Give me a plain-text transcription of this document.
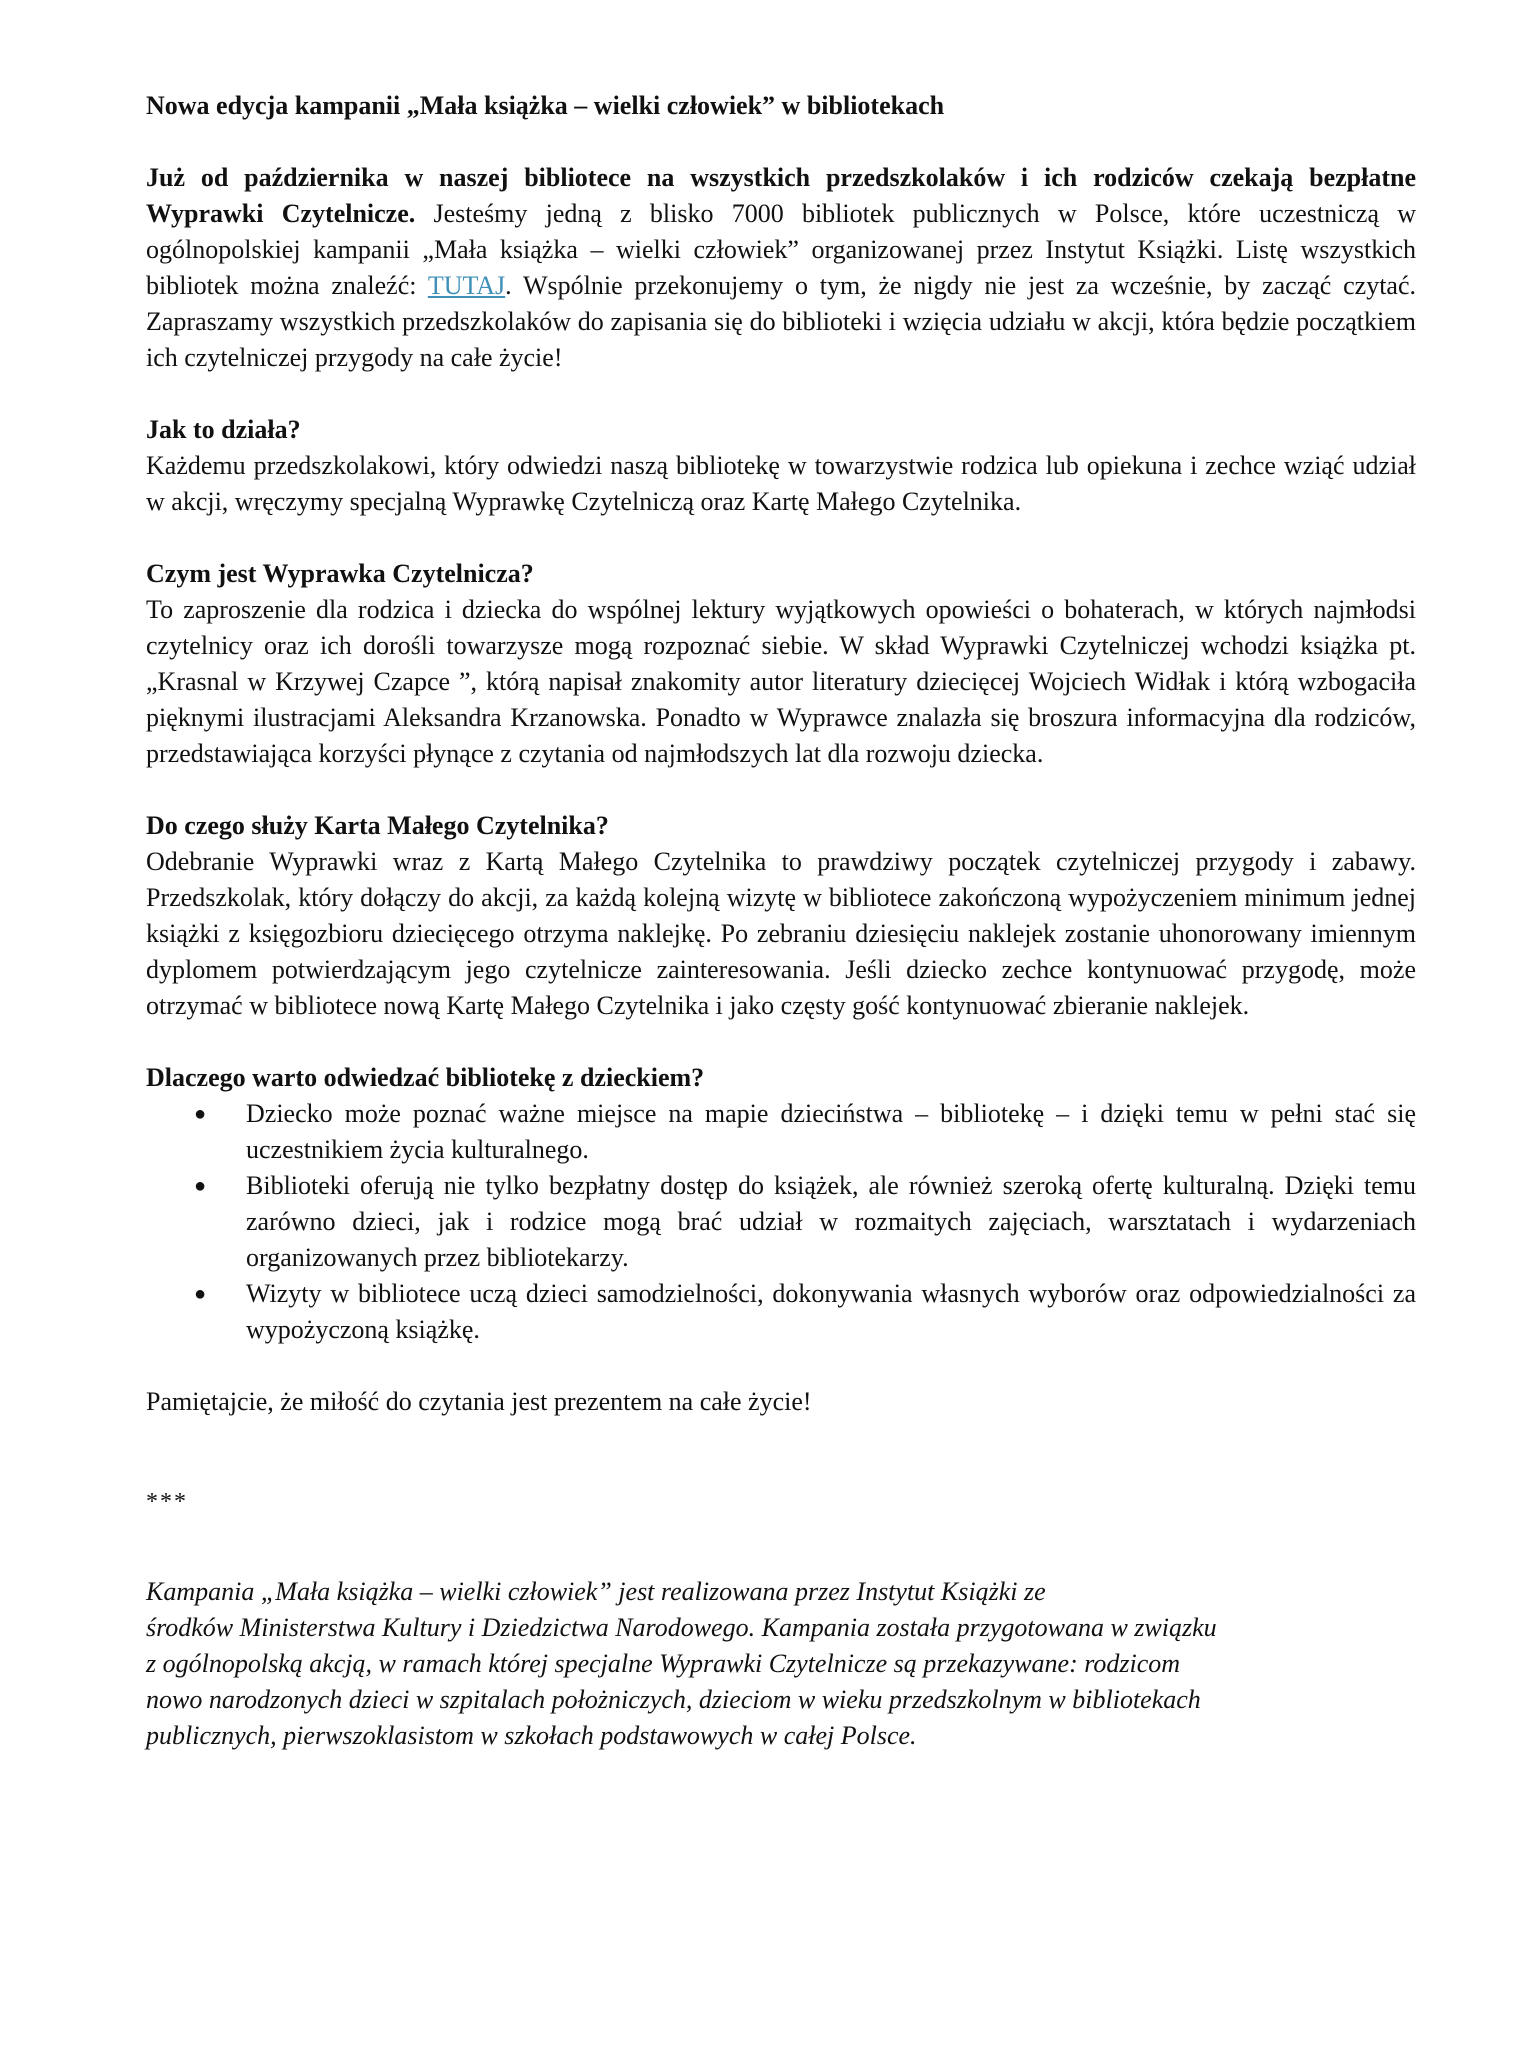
Nowa edycja kampanii „Mała książka – wielki człowiek” w bibliotekach

Już od października w naszej bibliotece na wszystkich przedszkolaków i ich rodziców czekają bezpłatne Wyprawki Czytelnicze. Jesteśmy jedną z blisko 7000 bibliotek publicznych w Polsce, które uczestniczą w ogólnopolskiej kampanii „Mała książka – wielki człowiek” organizowanej przez Instytut Książki. Listę wszystkich bibliotek można znaleźć: TUTAJ. Wspólnie przekonujemy o tym, że nigdy nie jest za wcześnie, by zacząć czytać. Zapraszamy wszystkich przedszkolaków do zapisania się do biblioteki i wzięcia udziału w akcji, która będzie początkiem ich czytelniczej przygody na całe życie!

Jak to działa?

Każdemu przedszkolakowi, który odwiedzi naszą bibliotekę w towarzystwie rodzica lub opiekuna i zechce wziąć udział w akcji, wręczymy specjalną Wyprawkę Czytelniczą oraz Kartę Małego Czytelnika.

Czym jest Wyprawka Czytelnicza?

To zaproszenie dla rodzica i dziecka do wspólnej lektury wyjątkowych opowieści o bohaterach, w których najmłodsi czytelnicy oraz ich dorośli towarzysze mogą rozpoznać siebie. W skład Wyprawki Czytelniczej wchodzi książka pt. „Krasnal w Krzywej Czapce ”, którą napisał znakomity autor literatury dziecięcej Wojciech Widłak i którą wzbogaciła pięknymi ilustracjami Aleksandra Krzanowska. Ponadto w Wyprawce znalazła się broszura informacyjna dla rodziców, przedstawiająca korzyści płynące z czytania od najmłodszych lat dla rozwoju dziecka.

Do czego służy Karta Małego Czytelnika?

Odebranie Wyprawki wraz z Kartą Małego Czytelnika to prawdziwy początek czytelniczej przygody i zabawy. Przedszkolak, który dołączy do akcji, za każdą kolejną wizytę w bibliotece zakończoną wypożyczeniem minimum jednej książki z księgozbioru dziecięcego otrzyma naklejkę. Po zebraniu dziesięciu naklejek zostanie uhonorowany imiennym dyplomem potwierdzającym jego czytelnicze zainteresowania. Jeśli dziecko zechce kontynuować przygodę, może otrzymać w bibliotece nową Kartę Małego Czytelnika i jako częsty gość kontynuować zbieranie naklejek.

Dlaczego warto odwiedzać bibliotekę z dzieckiem?

● Dziecko może poznać ważne miejsce na mapie dzieciństwa – bibliotekę – i dzięki temu w pełni stać się uczestnikiem życia kulturalnego.
● Biblioteki oferują nie tylko bezpłatny dostęp do książek, ale również szeroką ofertę kulturalną. Dzięki temu zarówno dzieci, jak i rodzice mogą brać udział w rozmaitych zajęciach, warsztatach i wydarzeniach organizowanych przez bibliotekarzy.
● Wizyty w bibliotece uczą dzieci samodzielności, dokonywania własnych wyborów oraz odpowiedzialności za wypożyczoną książkę.

Pamiętajcie, że miłość do czytania jest prezentem na całe życie!

***

Kampania „Mała książka – wielki człowiek” jest realizowana przez Instytut Książki ze

środków Ministerstwa Kultury i Dziedzictwa Narodowego. Kampania została przygotowana w związku

z ogólnopolską akcją, w ramach której specjalne Wyprawki Czytelnicze są przekazywane: rodzicom

nowo narodzonych dzieci w szpitalach położniczych, dzieciom w wieku przedszkolnym w bibliotekach

publicznych, pierwszoklasistom w szkołach podstawowych w całej Polsce.
